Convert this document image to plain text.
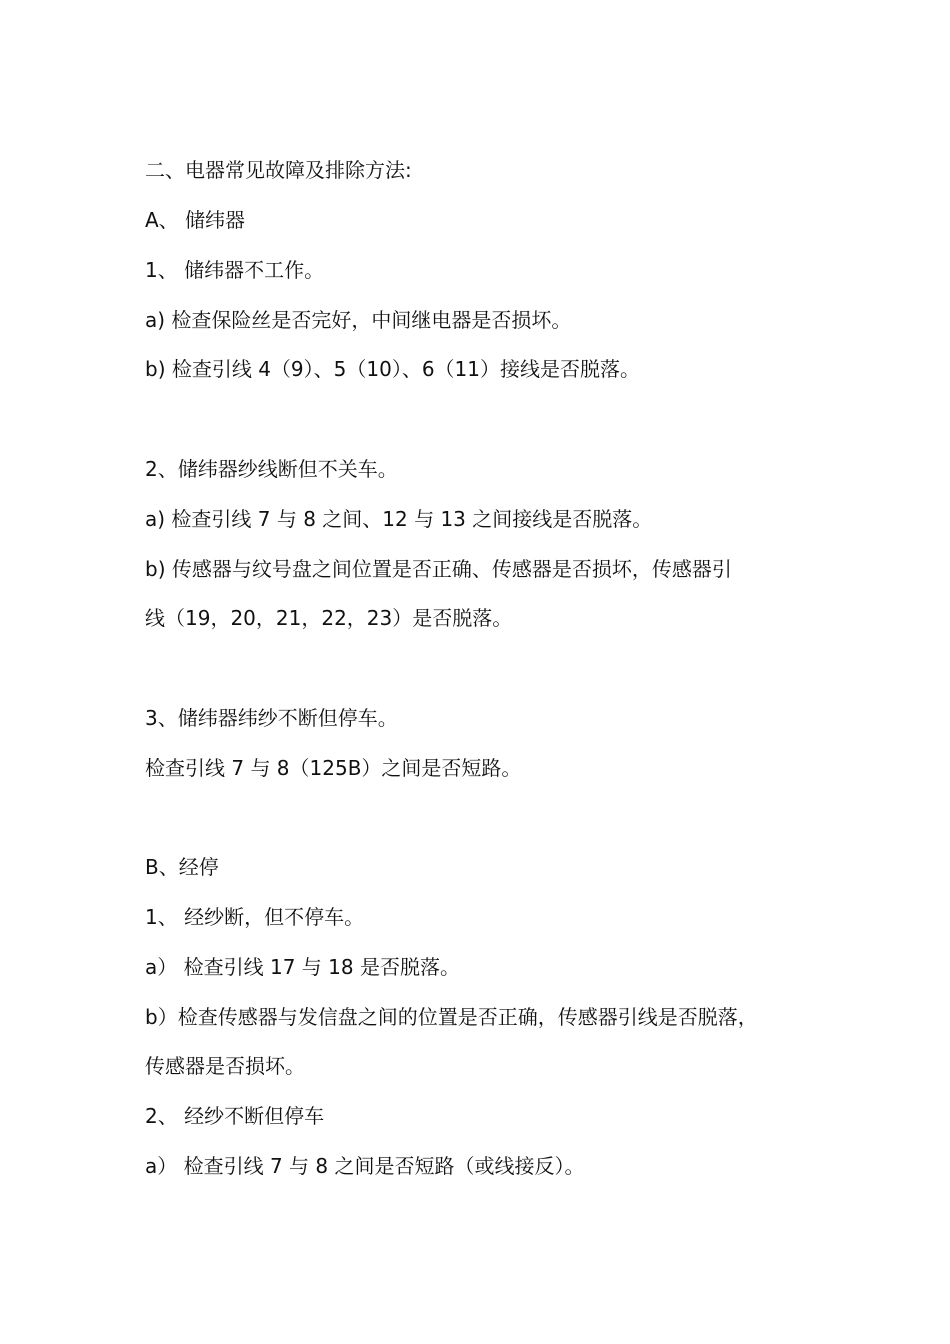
二、电器常见故障及排除方法:
A、 储纬器
1、 储纬器不工作。
a) 检查保险丝是否完好，中间继电器是否损坏。
b) 检查引线 4（9）、5（10）、6（11）接线是否脱落。
2、储纬器纱线断但不关车。
a) 检查引线 7 与 8 之间、12 与 13 之间接线是否脱落。
b) 传感器与纹号盘之间位置是否正确、传感器是否损坏，传感器引
线（19，20，21，22，23）是否脱落。
3、储纬器纬纱不断但停车。
检查引线 7 与 8（125B）之间是否短路。
B、经停
1、 经纱断，但不停车。
a） 检查引线 17 与 18 是否脱落。
b）检查传感器与发信盘之间的位置是否正确，传感器引线是否脱落，
传感器是否损坏。
2、 经纱不断但停车
a） 检查引线 7 与 8 之间是否短路（或线接反）。
